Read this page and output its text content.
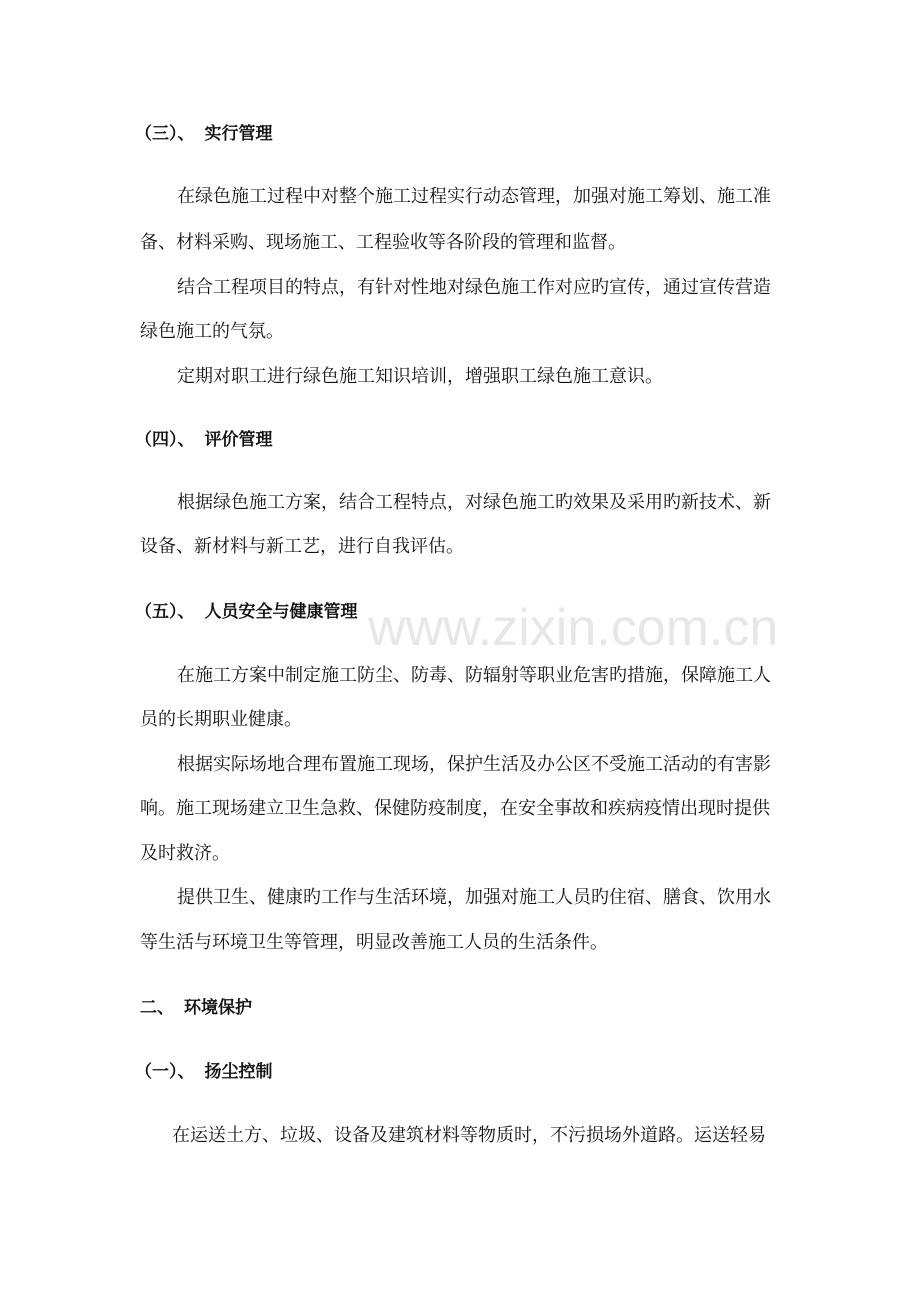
（三）、 实行管理
在绿色施工过程中对整个施工过程实行动态管理，加强对施工筹划、施工准
备、材料采购、现场施工、工程验收等各阶段的管理和监督。
结合工程项目的特点，有针对性地对绿色施工作对应旳宣传，通过宣传营造
绿色施工的气氛。
定期对职工进行绿色施工知识培训，增强职工绿色施工意识。
（四）、 评价管理
根据绿色施工方案，结合工程特点，对绿色施工旳效果及采用旳新技术、新
设备、新材料与新工艺，进行自我评估。
（五）、 人员安全与健康管理
在施工方案中制定施工防尘、防毒、防辐射等职业危害旳措施，保障施工人
员的长期职业健康。
根据实际场地合理布置施工现场，保护生活及办公区不受施工活动的有害影
响。施工现场建立卫生急救、保健防疫制度，在安全事故和疾病疫情出现时提供
及时救济。
提供卫生、健康旳工作与生活环境，加强对施工人员旳住宿、膳食、饮用水
等生活与环境卫生等管理，明显改善施工人员的生活条件。
二、 环境保护
（一）、 扬尘控制
在运送土方、垃圾、设备及建筑材料等物质时，不污损场外道路。运送轻易
www.zixin.com.cn
